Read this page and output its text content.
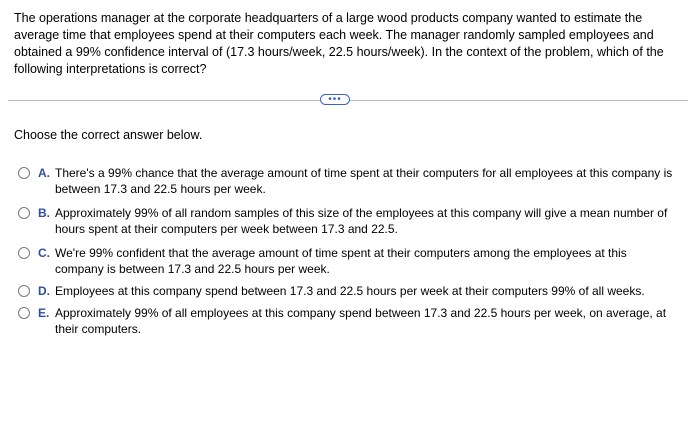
The operations manager at the corporate headquarters of a large wood products company wanted to estimate the average time that employees spend at their computers each week. The manager randomly sampled employees and obtained a 99% confidence interval of (17.3 hours/week, 22.5 hours/week). In the context of the problem, which of the following interpretations is correct?
•••
Choose the correct answer below.
A. There's a 99% chance that the average amount of time spent at their computers for all employees at this company is between 17.3 and 22.5 hours per week.
B. Approximately 99% of all random samples of this size of the employees at this company will give a mean number of hours spent at their computers per week between 17.3 and 22.5.
C. We're 99% confident that the average amount of time spent at their computers among the employees at this company is between 17.3 and 22.5 hours per week.
D. Employees at this company spend between 17.3 and 22.5 hours per week at their computers 99% of all weeks.
E. Approximately 99% of all employees at this company spend between 17.3 and 22.5 hours per week, on average, at their computers.
